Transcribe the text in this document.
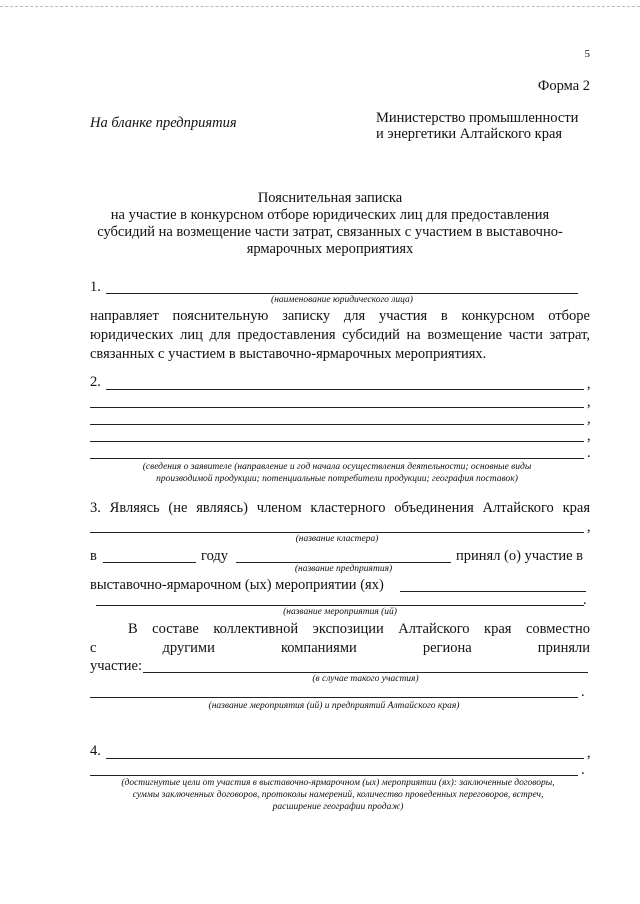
5
Форма 2
На бланке предприятия	Министерство промышленности
и энергетики Алтайского края
Пояснительная записка
на участие в конкурсном отборе юридических лиц для предоставления
субсидий на возмещение части затрат, связанных с участием в выставочно-
ярмарочных мероприятиях
1.
(наименование юридического лица)
направляет пояснительную записку для участия в конкурсном отборе
юридических лиц для предоставления субсидий на возмещение части затрат,
связанных с участием в выставочно-ярмарочных мероприятиях.
2.	,
,
,
,
.
(сведения о заявителе (направление и год начала осуществления деятельности; основные виды
производимой продукции; потенциальные потребители продукции; география поставок)
3. Являясь (не являясь) членом кластерного объединения Алтайского края
,
(название кластера)
в	году	принял (о) участие в
(название предприятия)
выставочно-ярмарочном (ых) мероприятии (ях)
.
(название мероприятия (ий)
В составе коллективной экспозиции Алтайского края совместно
с другими компаниями региона приняли
участие:
(в случае такого участия)
.
(название мероприятия (ий) и предприятий Алтайского края)
4.	,
.
(достигнутые цели от участия в выставочно-ярмарочном (ых) мероприятии (ях): заключенные договоры,
суммы заключенных договоров, протоколы намерений, количество проведенных переговоров, встреч,
расширение географии продаж)
